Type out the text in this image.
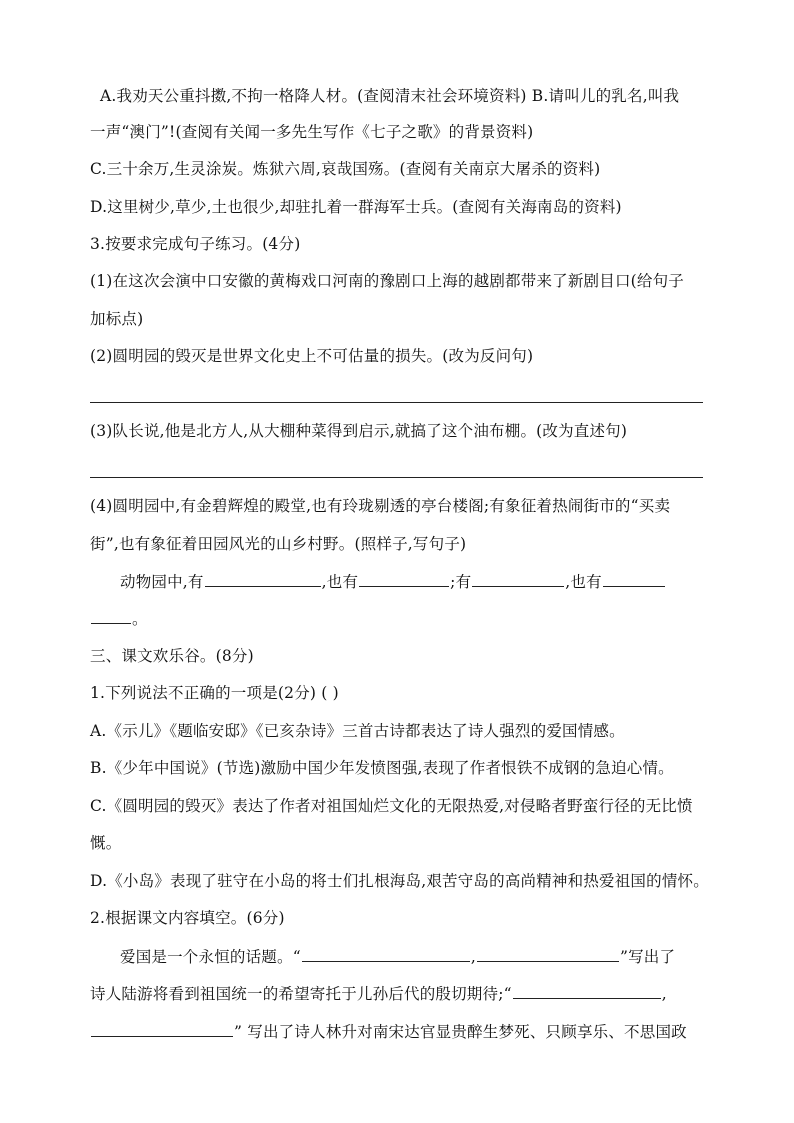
A.我劝天公重抖擞,不拘一格降人材。(查阅清末社会环境资料) B.请叫儿的乳名,叫我
一声“澳门”!(查阅有关闻一多先生写作《七子之歌》的背景资料)
C.三十余万,生灵涂炭。炼狱六周,哀哉国殇。(查阅有关南京大屠杀的资料)
D.这里树少,草少,土也很少,却驻扎着一群海军士兵。(查阅有关海南岛的资料)
3.按要求完成句子练习。(4分)
(1)在这次会演中口安徽的黄梅戏口河南的豫剧口上海的越剧都带来了新剧目口(给句子
加标点)
(2)圆明园的毁灭是世界文化史上不可估量的损失。(改为反问句)
(3)队长说,他是北方人,从大棚种菜得到启示,就搞了这个油布棚。(改为直述句)
(4)圆明园中,有金碧辉煌的殿堂,也有玲珑剔透的亭台楼阁;有象征着热闹街市的“买卖
街”,也有象征着田园风光的山乡村野。(照样子,写句子)
动物园中,有	,也有	;有	,也有
。
三、课文欢乐谷。(8分)
1.下列说法不正确的一项是(2分) ( )
A.《示儿》《题临安邸》《已亥杂诗》三首古诗都表达了诗人强烈的爱国情感。
B.《少年中国说》(节选)激励中国少年发愤图强,表现了作者恨铁不成钢的急迫心情。
C.《圆明园的毁灭》表达了作者对祖国灿烂文化的无限热爱,对侵略者野蛮行径的无比愤
慨。
D.《小岛》表现了驻守在小岛的将士们扎根海岛,艰苦守岛的高尚精神和热爱祖国的情怀。
2.根据课文内容填空。(6分)
爱国是一个永恒的话题。“	,	”写出了
诗人陆游将看到祖国统一的希望寄托于儿孙后代的殷切期待;“	,
” 写出了诗人林升对南宋达官显贵醉生梦死、只顾享乐、不思国政
